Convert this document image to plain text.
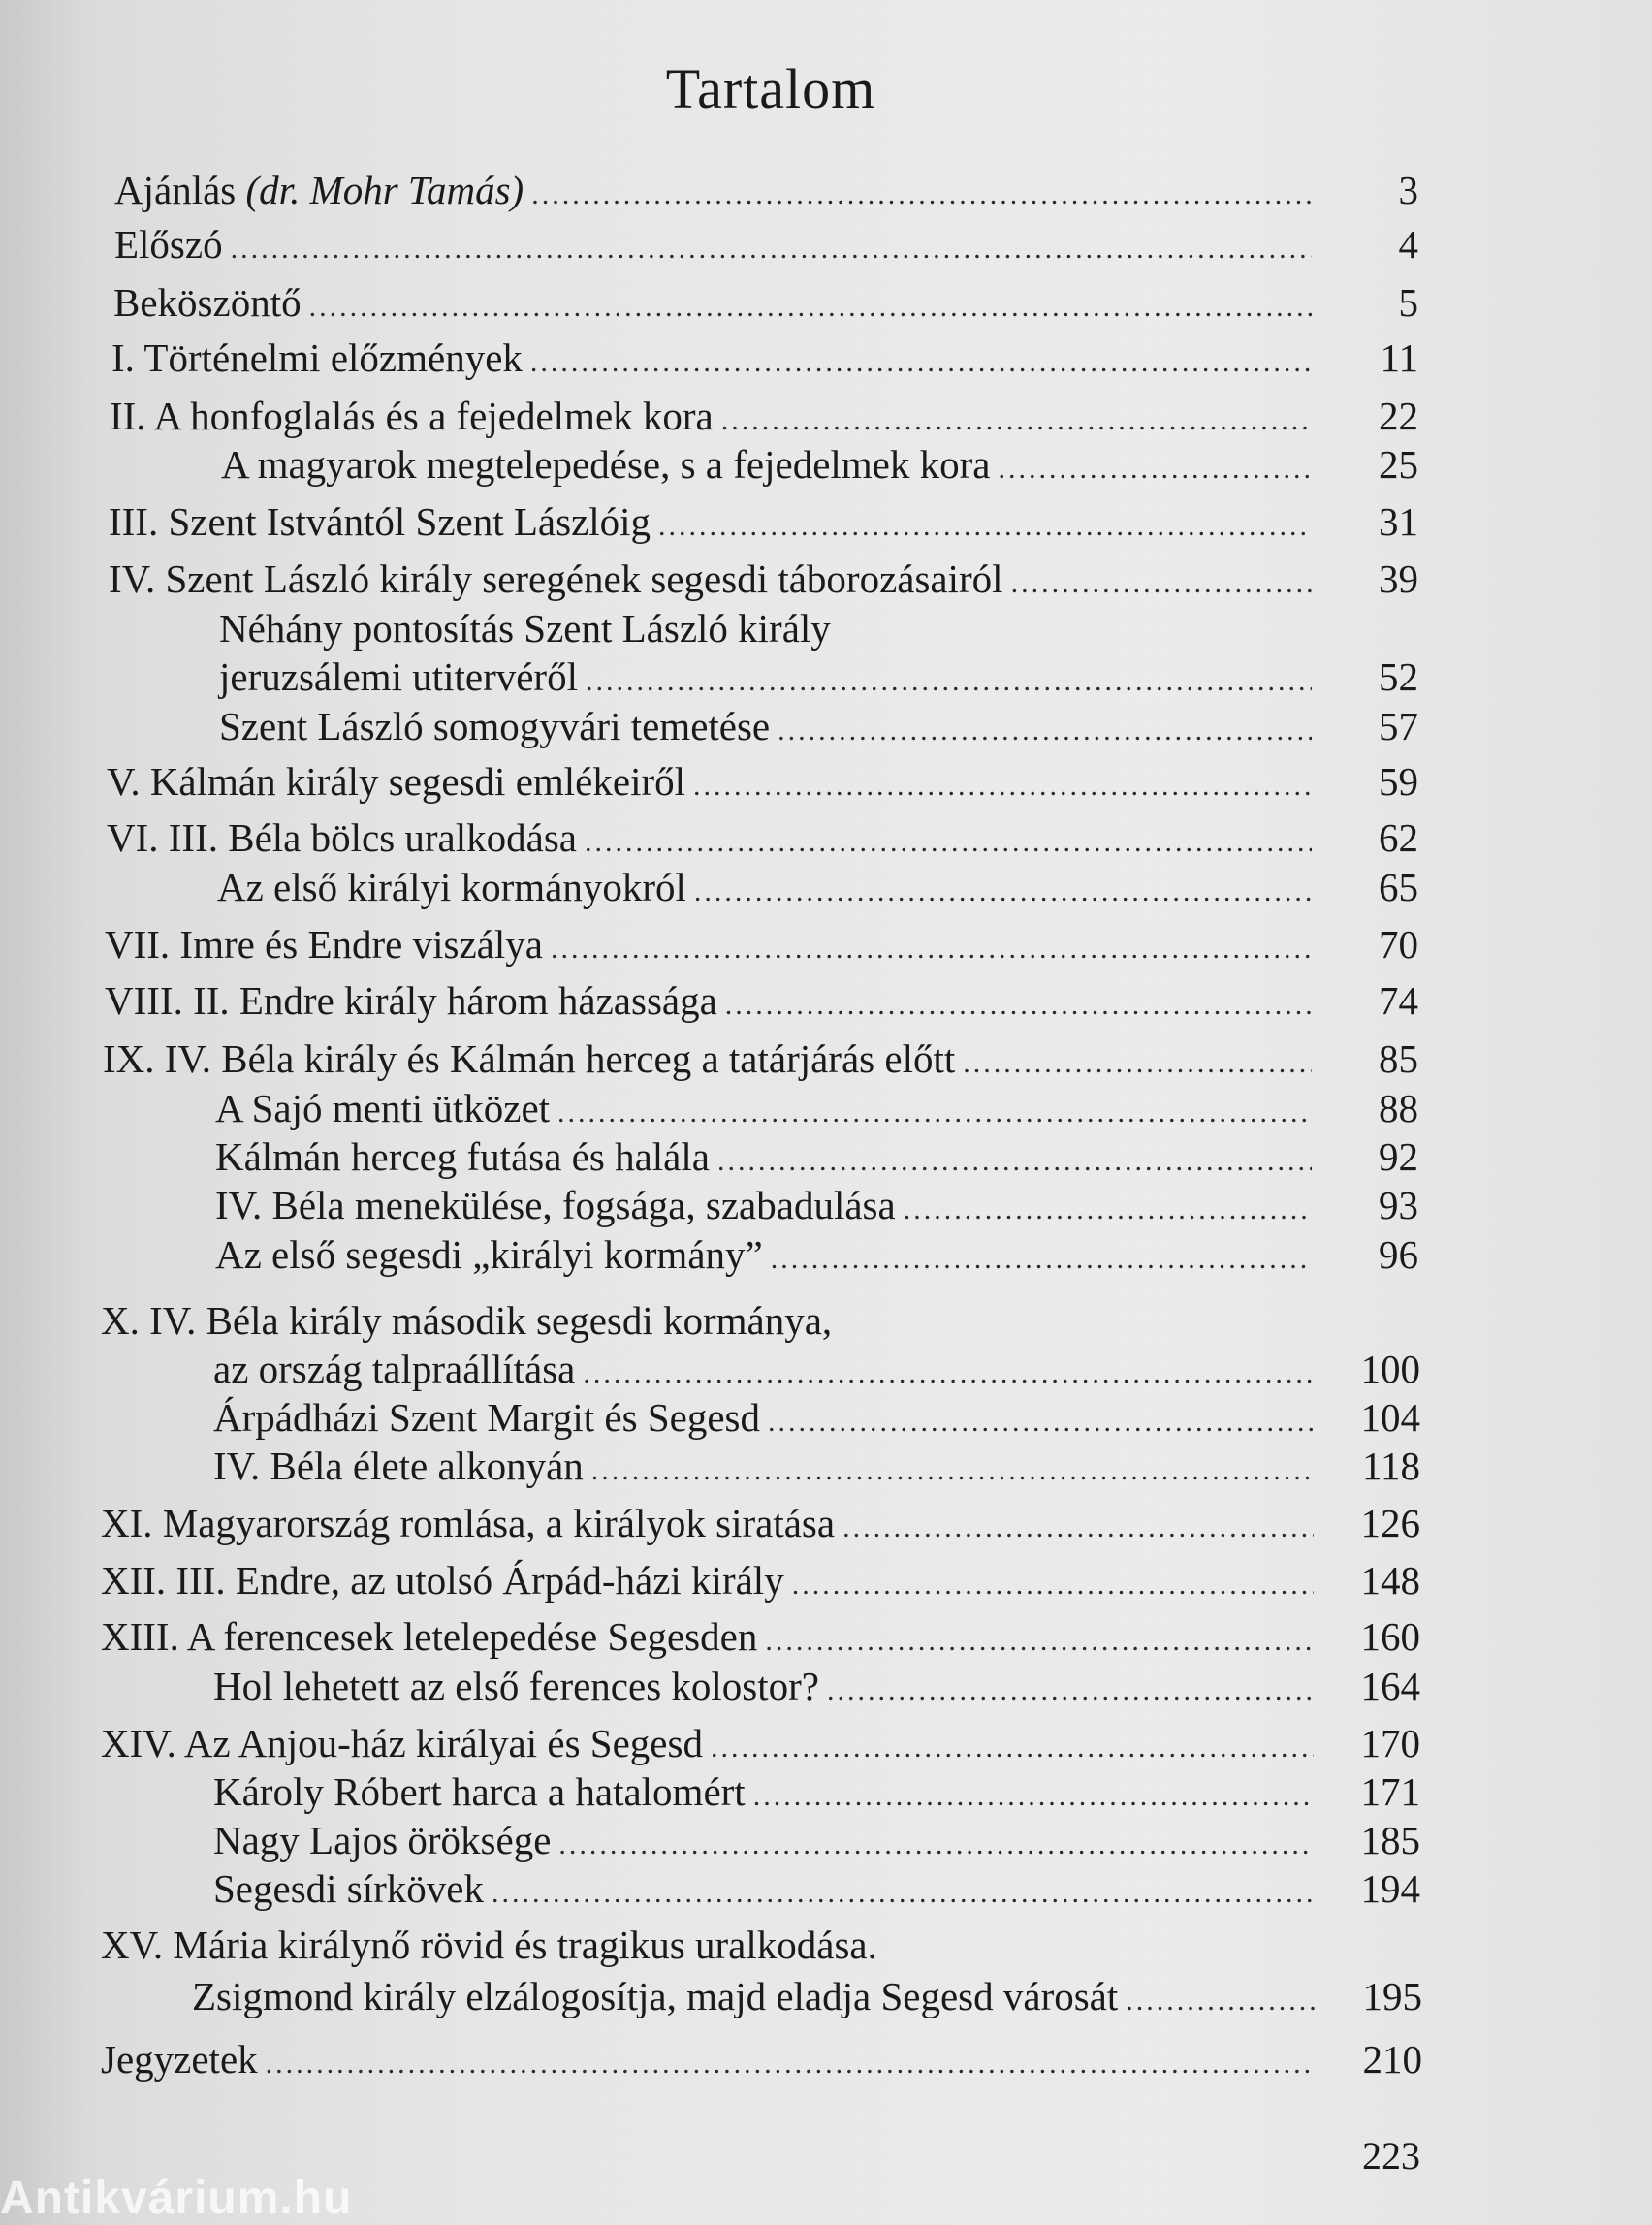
Tartalom
Ajánlás (dr. Mohr Tamás) .....	3
Előszó .....	4
Beköszöntő .....	5
I. Történelmi előzmények .....	11
II. A honfoglalás és a fejedelmek kora .....	22
A magyarok megtelepedése, s a fejedelmek kora .....	25
III. Szent Istvántól Szent Lászlóig .....	31
IV. Szent László király seregének segesdi táborozásairól .....	39
Néhány pontosítás Szent László király
jeruzsálemi utitervéről .....	52
Szent László somogyvári temetése .....	57
V. Kálmán király segesdi emlékeiről .....	59
VI. III. Béla bölcs uralkodása .....	62
Az első királyi kormányokról .....	65
VII. Imre és Endre viszálya .....	70
VIII. II. Endre király három házassága .....	74
IX. IV. Béla király és Kálmán herceg a tatárjárás előtt .....	85
A Sajó menti ütközet .....	88
Kálmán herceg futása és halála .....	92
IV. Béla menekülése, fogsága, szabadulása .....	93
Az első segesdi „királyi kormány” .....	96
X. IV. Béla király második segesdi kormánya,
az ország talpraállítása .....	100
Árpádházi Szent Margit és Segesd .....	104
IV. Béla élete alkonyán .....	118
XI. Magyarország romlása, a királyok siratása .....	126
XII. III. Endre, az utolsó Árpád-házi király .....	148
XIII. A ferencesek letelepedése Segesden .....	160
Hol lehetett az első ferences kolostor? .....	164
XIV. Az Anjou-ház királyai és Segesd .....	170
Károly Róbert harca a hatalomért .....	171
Nagy Lajos öröksége .....	185
Segesdi sírkövek .....	194
XV. Mária királynő rövid és tragikus uralkodása.
Zsigmond király elzálogosítja, majd eladja Segesd városát .....	195
Jegyzetek .....	210
223
Antikvárium.hu
